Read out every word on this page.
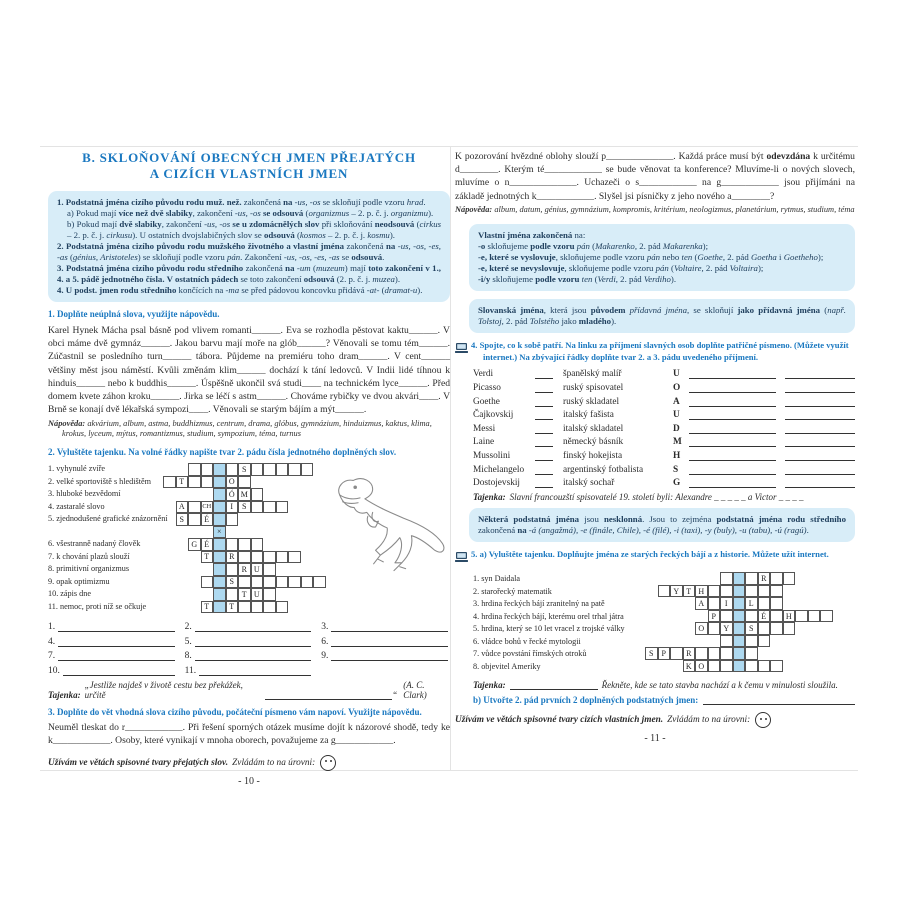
B. SKLOŇOVÁNÍ OBECNÝCH JMEN PŘEJATÝCH
A CIZÍCH VLASTNÍCH JMEN
1. Podstatná jména cizího původu rodu muž. než. zakončená na -us, -os se skloňují podle vzoru hrad.
a) Pokud mají více než dvě slabiky, zakončení -us, -os se odsouvá (organizmus – 2. p. č. j. organizmu).
b) Pokud mají dvě slabiky, zakončení -us, -os se u zdomácnělých slov při skloňování neodsouvá (cirkus – 2. p. č. j. cirkusu). U ostatních dvojslabičných slov se odsouvá (kosmos – 2. p. č. j. kosmu).
2. Podstatná jména cizího původu rodu mužského životného a vlastní jména zakončená na -us, -os, -es, -as (génius, Aristoteles) se skloňují podle vzoru pán. Zakončení -us, -os, -es, -as se odsouvá.
3. Podstatná jména cizího původu rodu středního zakončená na -um (muzeum) mají toto zakončení v 1., 4. a 5. pádě jednotného čísla. V ostatních pádech se toto zakončení odsouvá (2. p. č. j. muzea).
4. U podst. jmen rodu středního končících na -ma se před pádovou koncovku přidává -at- (dramat-u).
1. Doplňte neúplná slova, využijte nápovědu.
Karel Hynek Mácha psal básně pod vlivem romanti______. Eva se rozhodla pěstovat kaktu______. V obci máme dvě gymnáz______. Jakou barvu mají moře na glób______? Věnovali se tomu tém______. Zúčastnil se posledního turn______ tábora. Půjdeme na premiéru toho dram______. V cent______ většiny měst jsou náměstí. Kvůli změnám klim______ dochází k tání ledovců. V Indii lidé tíhnou k hinduis______ nebo k buddhis______. Úspěšně ukončil svá studi____ na technickém lyce______. Před domem kvete záhon kroku______. Jirka se léčí s astm______. Chováme rybičky ve dvou akvári____. V Brně se konají dvě lékařská sympozi____. Věnovali se starým bájím a mýt______.
Nápověda: akvárium, album, astma, buddhizmus, centrum, drama, glóbus, gymnázium, hinduizmus, kaktus, klima, krokus, lyceum, mýtus, romantizmus, studium, sympozium, téma, turnus
2. Vyluštěte tajenku. Na volné řádky napište tvar 2. pádu čísla jednotného doplněných slov.
1. vyhynulé zvíře
2. velké sportoviště s hledištěm
3. hluboké bezvědomí
4. zastaralé slovo
5. zjednodušené grafické znázornění
6. všestranně nadaný člověk
7. k chování plazů slouží
8. primitivní organizmus
9. opak optimizmu
10. zápis dne
11. nemoc, proti níž se očkuje
S
T	O
Ó M
A	CH	I	S
S	É
×
G É
T	R
R U
S
T U
T	T
1.	2.	3.
4.	5.	6.
7.	8.	9.
10.	11.
Tajenka:
„Jestliže najdeš v životě cestu bez překážek, určitě	“
(A. C. Clark)
3. Doplňte do vět vhodná slova cizího původu, počáteční písmeno vám napoví. Využijte nápovědu.
Neuměl tleskat do r____________. Při řešení sporných otázek musíme dojít k názorové shodě, tedy ke k____________. Osoby, které vynikají v mnoha oborech, považujeme za g____________.
Užívám ve větách spisovné tvary přejatých slov. Zvládám to na úrovni:
- 10 -
K pozorování hvězdné oblohy slouží p______________. Každá práce musí být odevzdána k určitému d________. Kterým té____________ se bude věnovat ta konference? Mluvíme-li o nových slovech, mluvíme o n______________. Uchazeči o s____________ na g____________ jsou přijímáni na základě jednotných k____________. Slyšel jsi písničky z jeho nového a________?
Nápověda: album, datum, génius, gymnázium, kompromis, kritérium, neologizmus, planetárium, rytmus, studium, téma
Vlastní jména zakončená na:
-o skloňujeme podle vzoru pán (Makarenko, 2. pád Makarenka);
-e, které se vyslovuje, skloňujeme podle vzoru pán nebo ten (Goethe, 2. pád Goetha i Goetheho);
-e, které se nevyslovuje, skloňujeme podle vzoru pán (Voltaire, 2. pád Voltaira);
-i/y skloňujeme podle vzoru ten (Verdi, 2. pád Verdiho).
Slovanská jména, která jsou původem přídavná jména, se skloňují jako přídavná jména (např. Tolstoj, 2. pád Tolstého jako mladého).
4. Spojte, co k sobě patří. Na linku za příjmení slavných osob doplňte patřičné písmeno. (Můžete využít internet.) Na zbývající řádky doplňte tvar 2. a 3. pádu uvedeného příjmení.
Verdi	španělský malíř	U
Picasso	ruský spisovatel	O
Goethe	ruský skladatel	A
Čajkovskij	italský fašista	U
Messi	italský skladatel	D
Laine	německý básník	M
Mussolini	finský hokejista	H
Michelangelo	argentinský fotbalista	S
Dostojevskij	italský sochař	G
Tajenka: Slavní francouzští spisovatelé 19. století byli: Alexandre _ _ _ _ _ a Victor _ _ _ _
Některá podstatná jména jsou nesklonná. Jsou to zejména podstatná jména rodu středního zakončená na -á (angažmá), -e (finále, Chile), -é (filé), -i (taxi), -y (buly), -u (tabu), -ú (ragú).
5. a) Vyluštěte tajenku. Doplňujte jména ze starých řeckých bájí a z historie. Můžete užít internet.
1. syn Daidala
2. starořecký matematik
3. hrdina řeckých bájí zranitelný na patě
4. hrdina řeckých bájí, kterému orel trhal játra
5. hrdina, který se 10 let vracel z trojské války
6. vládce bohů v řecké mytologii
7. vůdce povstání římských otroků
8. objevitel Ameriky
R
Y T H
A	I	L
P	É	H
O	Y	S
S	P	R
K O
Tajenka:	Řekněte, kde se tato stavba nachází a k čemu v minulosti sloužila.
b) Utvořte 2. pád prvních 2 doplněných podstatných jmen:
Užívám ve větách spisovné tvary cizích vlastních jmen. Zvládám to na úrovni:
- 11 -
